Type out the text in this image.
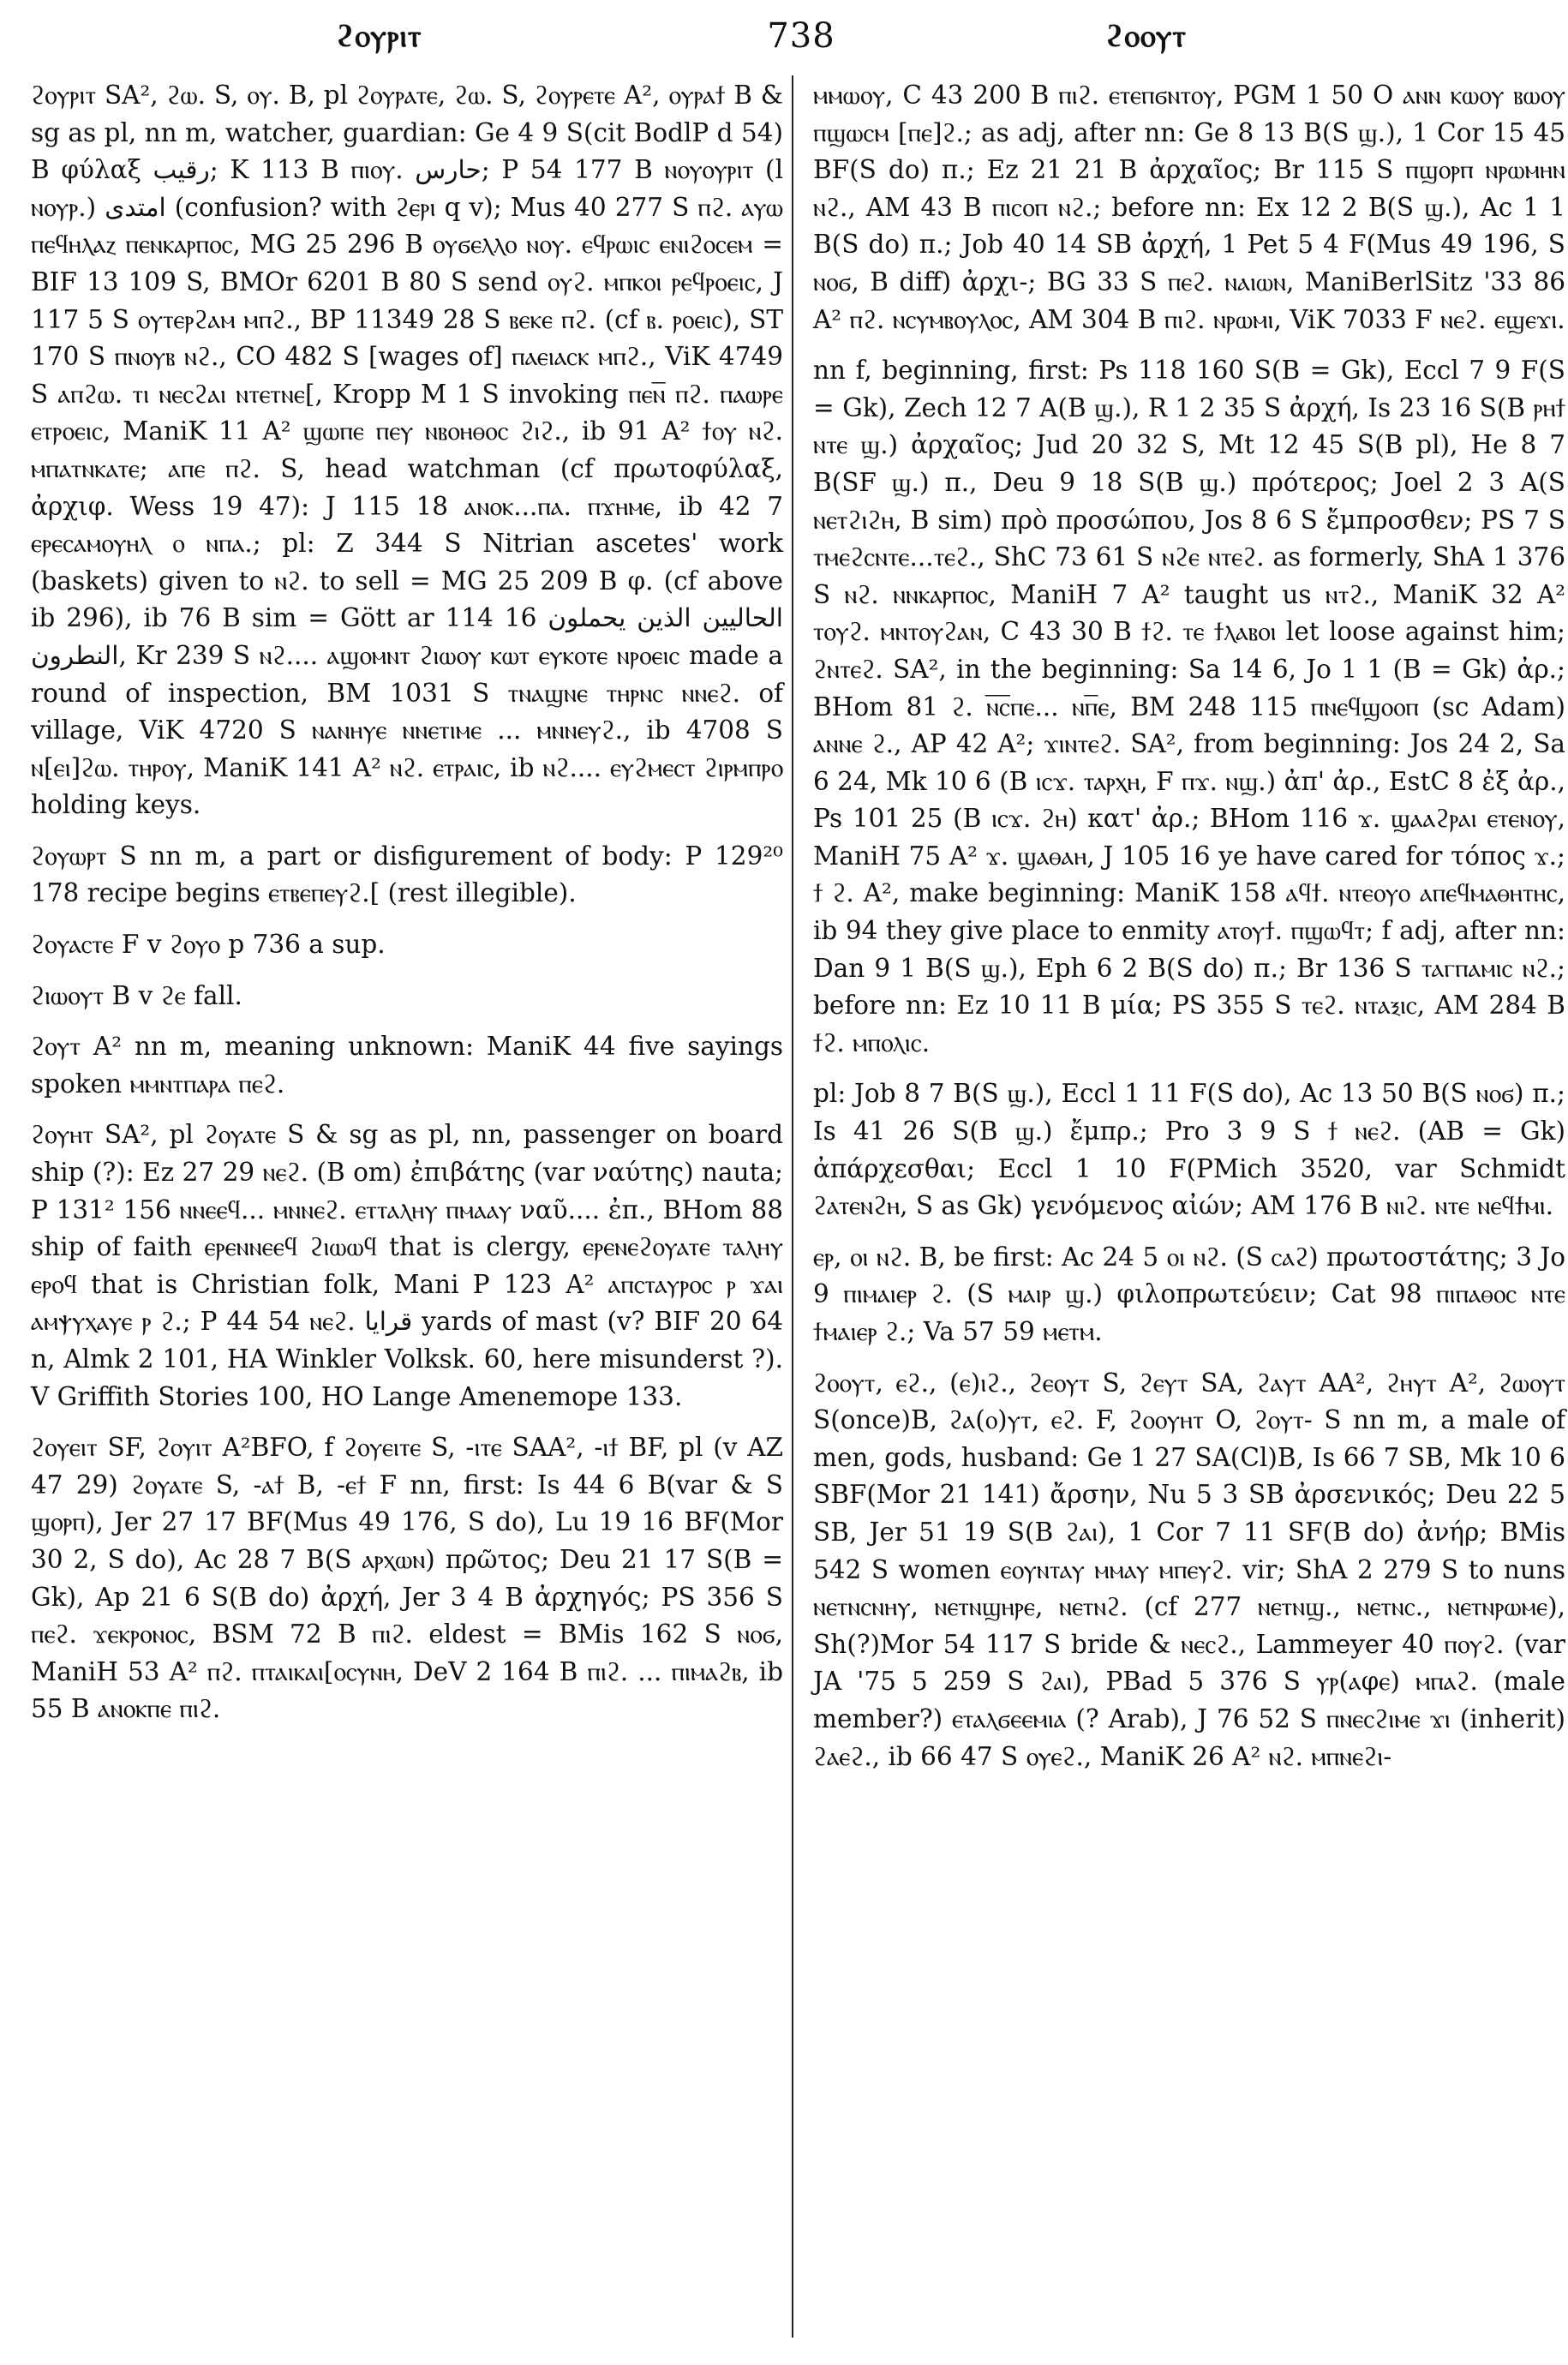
ϩⲟⲩⲣⲓⲧ	738	ϩⲟⲟⲩⲧ

ϩⲟⲩⲣⲓⲧ SA², ϩⲱ. S, ⲟⲩ. B, pl ϩⲟⲩⲣⲁⲧⲉ, ϩⲱ. S, ϩⲟⲩⲣⲉⲧⲉ A², ⲟⲩⲣⲁϯ B & sg as pl, nn m, watcher, guardian: Ge 4 9 S(cit BodlP d 54) B φύλαξ رقيب; K 113 B ⲡⲓⲟⲩ. حارس; P 54 177 B ⲛⲟⲩⲟⲩⲣⲓⲧ (l ⲛⲟⲩⲣ.) امتدى (confusion? with ϩⲉⲣⲓ q v); Mus 40 277 S ⲡϩ. ⲁⲩⲱ ⲡⲉϥⲏⲗⲁⲍ ⲡⲉⲛⲕⲁⲣⲡⲟⲥ, MG 25 296 B ⲟⲩϭⲉⲗⲗⲟ ⲛⲟⲩ. ⲉϥⲣⲱⲓⲥ ⲉⲛⲓϩⲟⲥⲉⲙ = BIF 13 109 S, BMOr 6201 B 80 S send ⲟⲩϩ. ⲙⲡⲕⲟⲓ ⲣⲉϥⲣⲟⲉⲓⲥ, J 117 5 S ⲟⲩⲧⲉⲣϩⲁⲙ ⲙⲡϩ., BP 11349 28 S ⲃⲉⲕⲉ ⲡϩ. (cf ⲃ. ⲣⲟⲉⲓⲥ), ST 170 S ⲡⲛⲟⲩⲃ ⲛϩ., CO 482 S [wages of] ⲡⲁⲉⲓⲁⲥⲕ ⲙⲡϩ., ViK 4749 S ⲁⲡϩⲱ. ⲧⲓ ⲛⲉⲥϩⲁⲓ ⲛⲧⲉⲧⲛⲉ[, Kropp M 1 S invoking ⲡⲉⲛ̅ ⲡϩ. ⲡⲁⲱⲣⲉ ⲉⲧⲣⲟⲉⲓⲥ, ManiK 11 A² ϣⲱⲡⲉ ⲡⲉⲩ ⲛⲃⲟⲏⲑⲟⲥ ϩⲓϩ., ib 91 A² ϯⲟⲩ ⲛϩ. ⲙⲡⲁⲧⲛⲕⲁⲧⲉ; ⲁⲡⲉ ⲡϩ. S, head watchman (cf πρωτοφύλαξ, ἀρχιφ. Wess 19 47): J 115 18 ⲁⲛⲟⲕ...ⲡⲁ. ⲡϫⲏⲙⲉ, ib 42 7 ⲉⲣⲉⲥⲁⲙⲟⲩⲏⲗ ⲟ ⲛⲡⲁ.; pl: Z 344 S Nitrian ascetes' work (baskets) given to ⲛϩ. to sell = MG 25 209 B φ. (cf above ib 296), ib 76 B sim = Gött ar 114 16 الحاليين الذين يحملون النطرون, Kr 239 S ⲛϩ.... ⲁϣⲟⲙⲛⲧ ϩⲓⲱⲟⲩ ⲕⲱⲧ ⲉⲩⲕⲟⲧⲉ ⲛⲣⲟⲉⲓⲥ made a round of inspection, BM 1031 S ⲧⲛⲁϣⲛⲉ ⲧⲏⲣⲛⲥ ⲛⲛⲉϩ. of village, ViK 4720 S ⲛⲁⲛⲏⲩⲉ ⲛⲛⲉⲧⲓⲙⲉ ... ⲙⲛⲛⲉⲩϩ., ib 4708 S ⲛ[ⲉⲓ]ϩⲱ. ⲧⲏⲣⲟⲩ, ManiK 141 A² ⲛϩ. ⲉⲧⲣⲁⲓⲥ, ib ⲛϩ.... ⲉⲩϩⲙⲉⲥⲧ ϩⲓⲣⲙⲡⲣⲟ holding keys.

ϩⲟⲩⲱⲣⲧ S nn m, a part or disfigurement of body: P 129²⁰ 178 recipe begins ⲉⲧⲃⲉⲡⲉⲩϩ.[ (rest illegible).

ϩⲟⲩⲁⲥⲧⲉ F v ϩⲟⲩⲟ p 736 a sup.

ϩⲓⲱⲟⲩⲧ B v ϩⲉ fall.

ϩⲟⲩⲧ A² nn m, meaning unknown: ManiK 44 five sayings spoken ⲙⲙⲛⲧⲡⲁⲣⲁ ⲡⲉϩ.

ϩⲟⲩⲏⲧ SA², pl ϩⲟⲩⲁⲧⲉ S & sg as pl, nn, passenger on board ship (?): Ez 27 29 ⲛⲉϩ. (B om) ἐπιβάτης (var ναύτης) nauta; P 131² 156 ⲛⲛⲉⲉϥ... ⲙⲛⲛⲉϩ. ⲉⲧⲧⲁⲗⲏⲩ ⲡⲙⲁⲁⲩ ναῦ.... ἐπ., BHom 88 ship of faith ⲉⲣⲉⲛⲛⲉⲉϥ ϩⲓⲱⲱϥ that is clergy, ⲉⲣⲉⲛⲉϩⲟⲩⲁⲧⲉ ⲧⲁⲗⲏⲩ ⲉⲣⲟϥ that is Christian folk, Mani P 123 A² ⲁⲡⲥⲧⲁⲩⲣⲟⲥ ⲣ ϫⲁⲓ ⲁⲙⲯⲩⲭⲁⲩⲉ ⲣ ϩ.; P 44 54 ⲛⲉϩ. قرايا yards of mast (v? BIF 20 64 n, Almk 2 101, HA Winkler Volksk. 60, here misunderst ?). V Griffith Stories 100, HO Lange Amenemope 133.

ϩⲟⲩⲉⲓⲧ SF, ϩⲟⲩⲓⲧ A²BFO, f ϩⲟⲩⲉⲓⲧⲉ S, -ⲓⲧⲉ SAA², -ⲓϯ BF, pl (v AZ 47 29) ϩⲟⲩⲁⲧⲉ S, -ⲁϯ B, -ⲉϯ F nn, first: Is 44 6 B(var & S ϣⲟⲣⲡ), Jer 27 17 BF(Mus 49 176, S do), Lu 19 16 BF(Mor 30 2, S do), Ac 28 7 B(S ⲁⲣⲭⲱⲛ) πρῶτος; Deu 21 17 S(B = Gk), Ap 21 6 S(B do) ἀρχή, Jer 3 4 B ἀρχηγός; PS 356 S ⲡⲉϩ. ϫⲉⲕⲣⲟⲛⲟⲥ, BSM 72 B ⲡⲓϩ. eldest = BMis 162 S ⲛⲟϭ, ManiH 53 A² ⲡϩ. ⲡⲧⲁⲓⲕⲁⲓ[ⲟⲥⲩⲛⲏ, DeV 2 164 B ⲡⲓϩ. ... ⲡⲓⲙⲁϩⲃ, ib 55 B ⲁⲛⲟⲕⲡⲉ ⲡⲓϩ.

ⲙⲙⲱⲟⲩ, C 43 200 B ⲡⲓϩ. ⲉⲧⲉⲡϭⲛⲧⲟⲩ, PGM 1 50 O ⲁⲛⲛ ⲕⲱⲟⲩ ⲃⲱⲟⲩ ⲡϣⲱⲥⲙ [ⲡⲉ]ϩ.; as adj, after nn: Ge 8 13 B(S ϣ.), 1 Cor 15 45 BF(S do) π.; Ez 21 21 B ἀρχαῖος; Br 115 S ⲡϣⲟⲣⲡ ⲛⲣⲱⲙⲏⲛ ⲛϩ., AM 43 B ⲡⲓⲥⲟⲡ ⲛϩ.; before nn: Ex 12 2 B(S ϣ.), Ac 1 1 B(S do) π.; Job 40 14 SB ἀρχή, 1 Pet 5 4 F(Mus 49 196, S ⲛⲟϭ, B diff) ἀρχι-; BG 33 S ⲡⲉϩ. ⲛⲁⲓⲱⲛ, ManiBerlSitz '33 86 A² ⲡϩ. ⲛⲥⲩⲙⲃⲟⲩⲗⲟⲥ, AM 304 B ⲡⲓϩ. ⲛⲣⲱⲙⲓ, ViK 7033 F ⲛⲉϩ. ⲉϣⲉϫⲓ.

nn f, beginning, first: Ps 118 160 S(B = Gk), Eccl 7 9 F(S = Gk), Zech 12 7 A(B ϣ.), R 1 2 35 S ἀρχή, Is 23 16 S(B ⲣⲏϯ ⲛⲧⲉ ϣ.) ἀρχαῖος; Jud 20 32 S, Mt 12 45 S(B pl), He 8 7 B(SF ϣ.) π., Deu 9 18 S(B ϣ.) πρότερος; Joel 2 3 A(S ⲛⲉⲧϩⲓϩⲏ, B sim) πρὸ προσώπου, Jos 8 6 S ἔμπροσθεν; PS 7 S ⲧⲙⲉϩⲥⲛⲧⲉ...ⲧⲉϩ., ShC 73 61 S ⲛϩⲉ ⲛⲧⲉϩ. as formerly, ShA 1 376 S ⲛϩ. ⲛⲛⲕⲁⲣⲡⲟⲥ, ManiH 7 A² taught us ⲛⲧϩ., ManiK 32 A² ⲧⲟⲩϩ. ⲙⲛⲧⲟⲩϩⲁⲛ, C 43 30 B ϯϩ. ⲧⲉ ϯⲗⲁⲃⲟⲓ let loose against him; ϩⲛⲧⲉϩ. SA², in the beginning: Sa 14 6, Jo 1 1 (B = Gk) ἀρ.; BHom 81 ϩ. ⲛ̅ⲥ̅ⲡⲉ... ⲛⲡ̅ⲉ, BM 248 115 ⲡⲛⲉϥϣⲟⲟⲡ (sc Adam) ⲁⲛⲛⲉ ϩ., AP 42 A²; ϫⲓⲛⲧⲉϩ. SA², from beginning: Jos 24 2, Sa 6 24, Mk 10 6 (B ⲓⲥϫ. ⲧⲁⲣⲭⲏ, F ⲡϫ. ⲛϣ.) ἀπ' ἀρ., EstC 8 ἐξ ἀρ., Ps 101 25 (B ⲓⲥϫ. ϩⲏ) κατ' ἀρ.; BHom 116 ϫ. ϣⲁⲁϩⲣⲁⲓ ⲉⲧⲉⲛⲟⲩ, ManiH 75 A² ϫ. ϣⲁⲑⲁⲏ, J 105 16 ye have cared for τόπος ϫ.; ϯ ϩ. A², make beginning: ManiK 158 ⲁϥϯ. ⲛⲧⲉⲟⲩⲟ ⲁⲡⲉϥⲙⲁⲑⲏⲧⲏⲥ, ib 94 they give place to enmity ⲁⲧⲟⲩϯ. ⲡϣⲱϥⲧ; f adj, after nn: Dan 9 1 B(S ϣ.), Eph 6 2 B(S do) π.; Br 136 S ⲧⲁⲅⲡⲁⲙⲓⲥ ⲛϩ.; before nn: Ez 10 11 B μία; PS 355 S ⲧⲉϩ. ⲛⲧⲁⲝⲓⲥ, AM 284 B ϯϩ. ⲙⲡⲟⲗⲓⲥ.

pl: Job 8 7 B(S ϣ.), Eccl 1 11 F(S do), Ac 13 50 B(S ⲛⲟϭ) π.; Is 41 26 S(B ϣ.) ἔμπρ.; Pro 3 9 S ϯ ⲛⲉϩ. (AB = Gk) ἀπάρχεσθαι; Eccl 1 10 F(PMich 3520, var Schmidt ϩⲁⲧⲉⲛϩⲏ, S as Gk) γενόμενος αἰών; AM 176 B ⲛⲓϩ. ⲛⲧⲉ ⲛⲉϥϯⲙⲓ.

ⲉⲣ, ⲟⲓ ⲛϩ. B, be first: Ac 24 5 ⲟⲓ ⲛϩ. (S ⲥⲁϩ) πρωτοστάτης; 3 Jo 9 ⲡⲓⲙⲁⲓⲉⲣ ϩ. (S ⲙⲁⲓⲣ ϣ.) φιλοπρωτεύειν; Cat 98 ⲡⲓⲡⲁⲑⲟⲥ ⲛⲧⲉ ϯⲙⲁⲓⲉⲣ ϩ.; Va 57 59 ⲙⲉⲧⲙ.

ϩⲟⲟⲩⲧ, ⲉϩ., (ⲉ)ⲓϩ., ϩⲉⲟⲩⲧ S, ϩⲉⲩⲧ SA, ϩⲁⲩⲧ AA², ϩⲏⲩⲧ A², ϩⲱⲟⲩⲧ S(once)B, ϩⲁ(ⲟ)ⲩⲧ, ⲉϩ. F, ϩⲟⲟⲩⲏⲧ O, ϩⲟⲩⲧ- S nn m, a male of men, gods, husband: Ge 1 27 SA(Cl)B, Is 66 7 SB, Mk 10 6 SBF(Mor 21 141) ἄρσην, Nu 5 3 SB ἀρσενικός; Deu 22 5 SB, Jer 51 19 S(B ϩⲁⲓ), 1 Cor 7 11 SF(B do) ἀνήρ; BMis 542 S women ⲉⲟⲩⲛⲧⲁⲩ ⲙⲙⲁⲩ ⲙⲡⲉⲩϩ. vir; ShA 2 279 S to nuns ⲛⲉⲧⲛⲥⲛⲏⲩ, ⲛⲉⲧⲛϣⲏⲣⲉ, ⲛⲉⲧⲛϩ. (cf 277 ⲛⲉⲧⲛϣ., ⲛⲉⲧⲛⲥ., ⲛⲉⲧⲛⲣⲱⲙⲉ), Sh(?)Mor 54 117 S bride & ⲛⲉⲥϩ., Lammeyer 40 ⲡⲟⲩϩ. (var JA '75 5 259 S ϩⲁⲓ), PBad 5 376 S ⲩⲣ(ⲁφⲉ) ⲙⲡⲁϩ. (male member?) ⲉⲧⲁⲗϭⲉⲉⲙⲓⲁ (? Arab), J 76 52 S ⲡⲛⲉⲥϩⲓⲙⲉ ϫⲓ (inherit) ϩⲁⲉϩ., ib 66 47 S ⲟⲩⲉϩ., ManiK 26 A² ⲛϩ. ⲙⲡⲛⲉϩⲓ-
